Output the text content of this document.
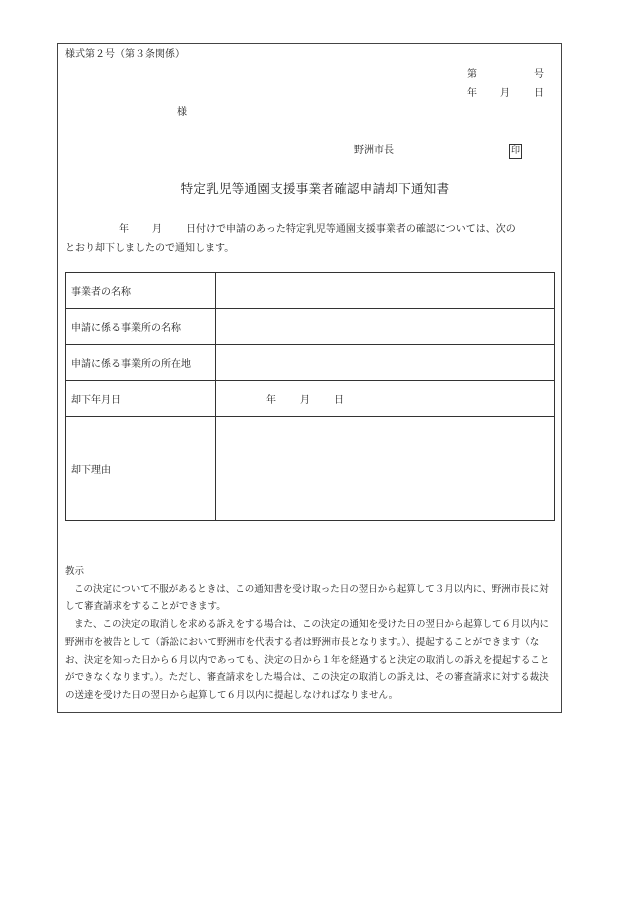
様式第２号（第３条関係）
第	号
年 月 日
様
野洲市長	印
特定乳児等通園支援事業者確認申請却下通知書
年 月 日付けで申請のあった特定乳児等通園支援事業者の確認については、次の
とおり却下しましたので通知します。
事業者の名称	
申請に係る事業所の名称	
申請に係る事業所の所在地	
却下年月日	年 月 日
却下理由	

教示

この決定について不服があるときは、この通知書を受け取った日の翌日から起算して３月以内に、野洲市長に対して審査請求をすることができます。

また、この決定の取消しを求める訴えをする場合は、この決定の通知を受けた日の翌日から起算して６月以内に野洲市を被告として（訴訟において野洲市を代表する者は野洲市長となります。）、提起することができます（なお、決定を知った日から６月以内であっても、決定の日から１年を経過すると決定の取消しの訴えを提起することができなくなります。）。ただし、審査請求をした場合は、この決定の取消しの訴えは、その審査請求に対する裁決の送達を受けた日の翌日から起算して６月以内に提起しなければなりません。
